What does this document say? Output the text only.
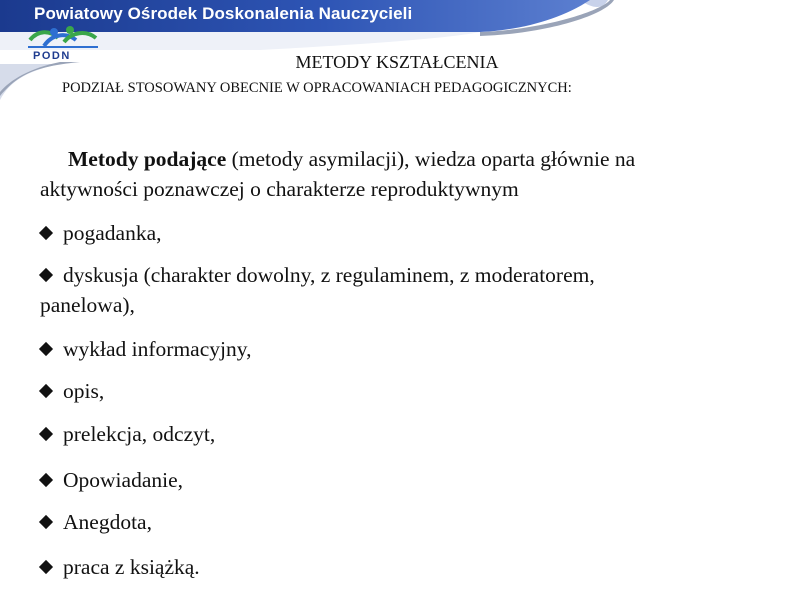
Powiatowy Ośrodek Doskonalenia Nauczycieli
PODN	METODY KSZTAŁCENIA
PODZIAŁ STOSOWANY OBECNIE W OPRACOWANIACH PEDAGOGICZNYCH:
Metody podające (metody asymilacji), wiedza oparta głównie na
aktywności poznawczej o charakterze reproduktywnym
pogadanka,
dyskusja (charakter dowolny, z regulaminem, z moderatorem,
panelowa),
wykład informacyjny,
opis,
prelekcja, odczyt,
Opowiadanie,
Anegdota,
praca z książką.
